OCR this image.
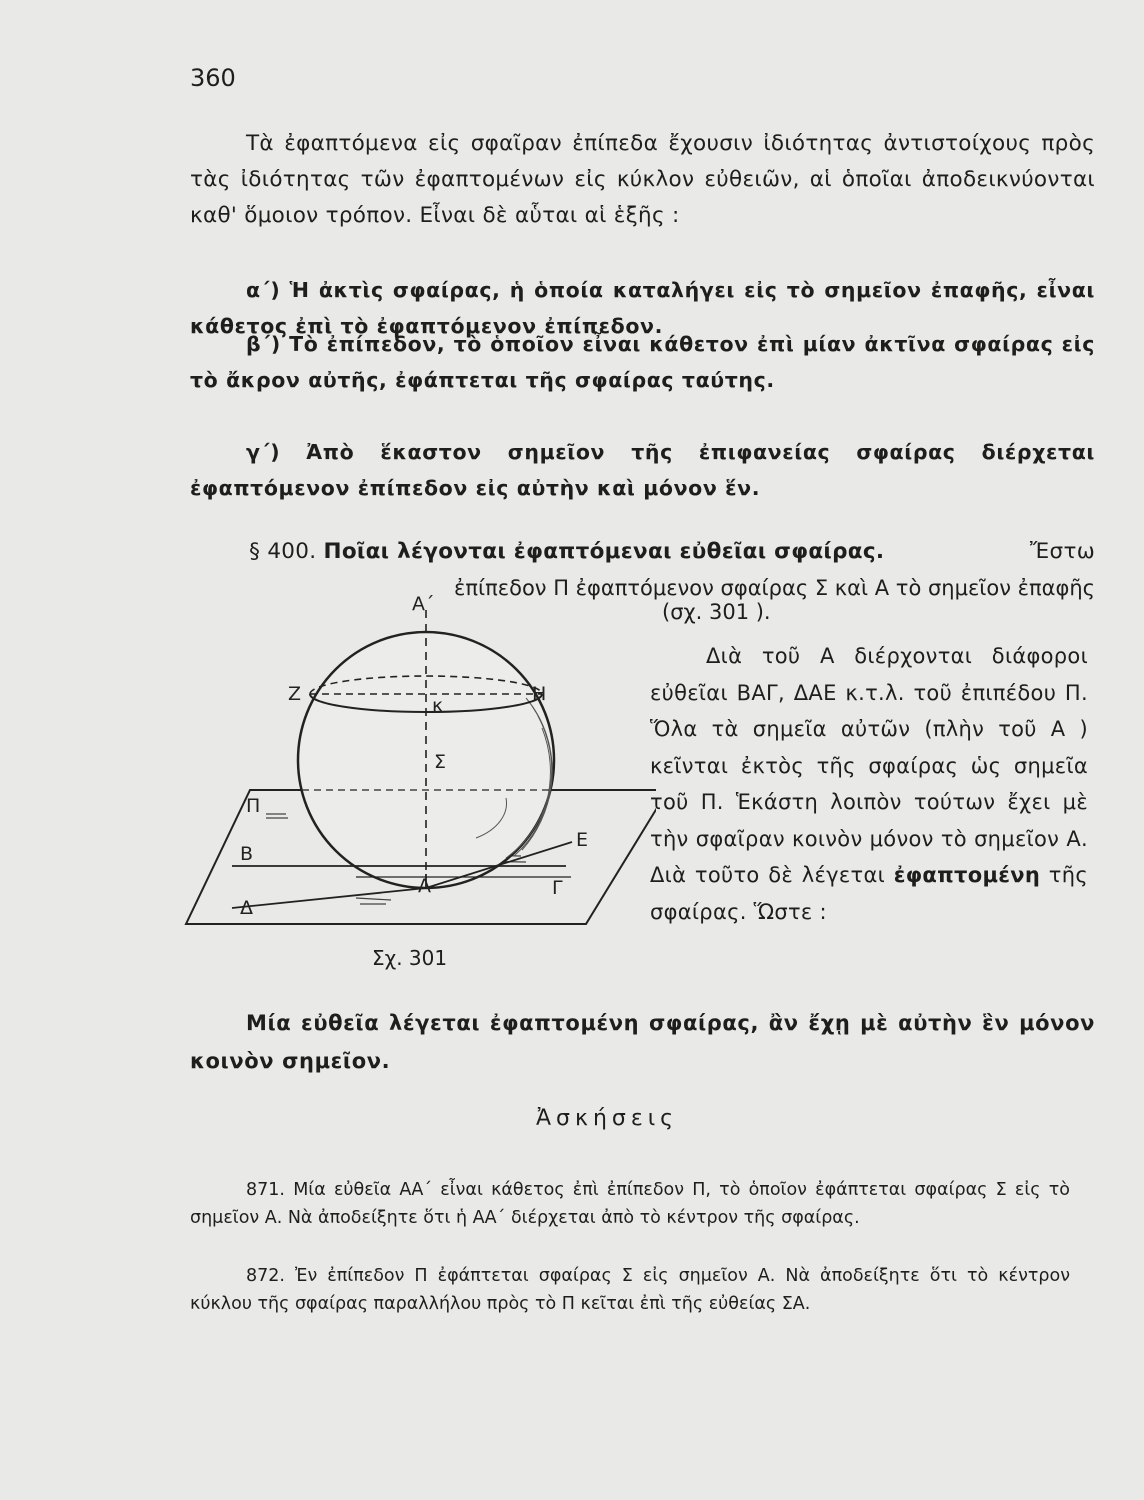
360

Τὰ ἐφαπτόμενα εἰς σφαῖραν ἐπίπεδα ἔχουσιν ἰδιότητας ἀντιστοίχους πρὸς τὰς ἰδιότητας τῶν ἐφαπτομένων εἰς κύκλον εὐθειῶν, αἱ ὁποῖαι ἀποδεικνύονται καθ' ὅμοιον τρόπον. Εἶναι δὲ αὗται αἱ ἑξῆς :

α΄) Ἡ ἀκτὶς σφαίρας, ἡ ὁποία καταλήγει εἰς τὸ σημεῖον ἐπαφῆς, εἶναι κάθετος ἐπὶ τὸ ἐφαπτόμενον ἐπίπεδον.

β΄) Τὸ ἐπίπεδον, τὸ ὁποῖον εἶναι κάθετον ἐπὶ μίαν ἀκτῖνα σφαίρας εἰς τὸ ἄκρον αὐτῆς, ἐφάπτεται τῆς σφαίρας ταύτης.

γ΄) Ἀπὸ ἕκαστον σημεῖον τῆς ἐπιφανείας σφαίρας διέρχεται ἐφαπτόμενον ἐπίπεδον εἰς αὐτὴν καὶ μόνον ἕν.

§ 400. Ποῖαι λέγονται ἐφαπτόμεναι εὐθεῖαι σφαίρας.	Ἔστω
ἐπίπεδον Π ἐφαπτόμενον σφαίρας Σ καὶ Α τὸ σημεῖον ἐπαφῆς
(σχ. 301 ).

Διὰ τοῦ Α διέρχονται διάφοροι εὐθεῖαι ΒΑΓ, ΔΑΕ κ.τ.λ. τοῦ ἐπιπέδου Π. Ὅλα τὰ σημεῖα αὐτῶν (πλὴν τοῦ Α ) κεῖνται ἐκτὸς τῆς σφαίρας ὡς σημεῖα τοῦ Π. Ἑκάστη λοιπὸν τούτων ἔχει μὲ τὴν σφαῖραν κοινὸν μόνον τὸ σημεῖον Α. Διὰ τοῦτο δὲ λέγεται ἐφαπτομένη τῆς σφαίρας. Ὥστε :

Α΄
Ζ	Η
κ
Σ
Π
Β
Δ
Α
Ε
Γ
Σχ. 301

Μία εὐθεῖα λέγεται ἐφαπτομένη σφαίρας, ἂν ἔχῃ μὲ αὐτὴν ἓν μόνον κοινὸν σημεῖον.

Ἀσκήσεις

871. Μία εὐθεῖα ΑΑ΄ εἶναι κάθετος ἐπὶ ἐπίπεδον Π, τὸ ὁποῖον ἐφάπτεται σφαίρας Σ εἰς τὸ σημεῖον Α. Νὰ ἀποδείξητε ὅτι ἡ ΑΑ΄ διέρχεται ἀπὸ τὸ κέντρον τῆς σφαίρας.

872. Ἐν ἐπίπεδον Π ἐφάπτεται σφαίρας Σ εἰς σημεῖον Α. Νὰ ἀποδείξητε ὅτι τὸ κέντρον κύκλου τῆς σφαίρας παραλλήλου πρὸς τὸ Π κεῖται ἐπὶ τῆς εὐθείας ΣΑ.
